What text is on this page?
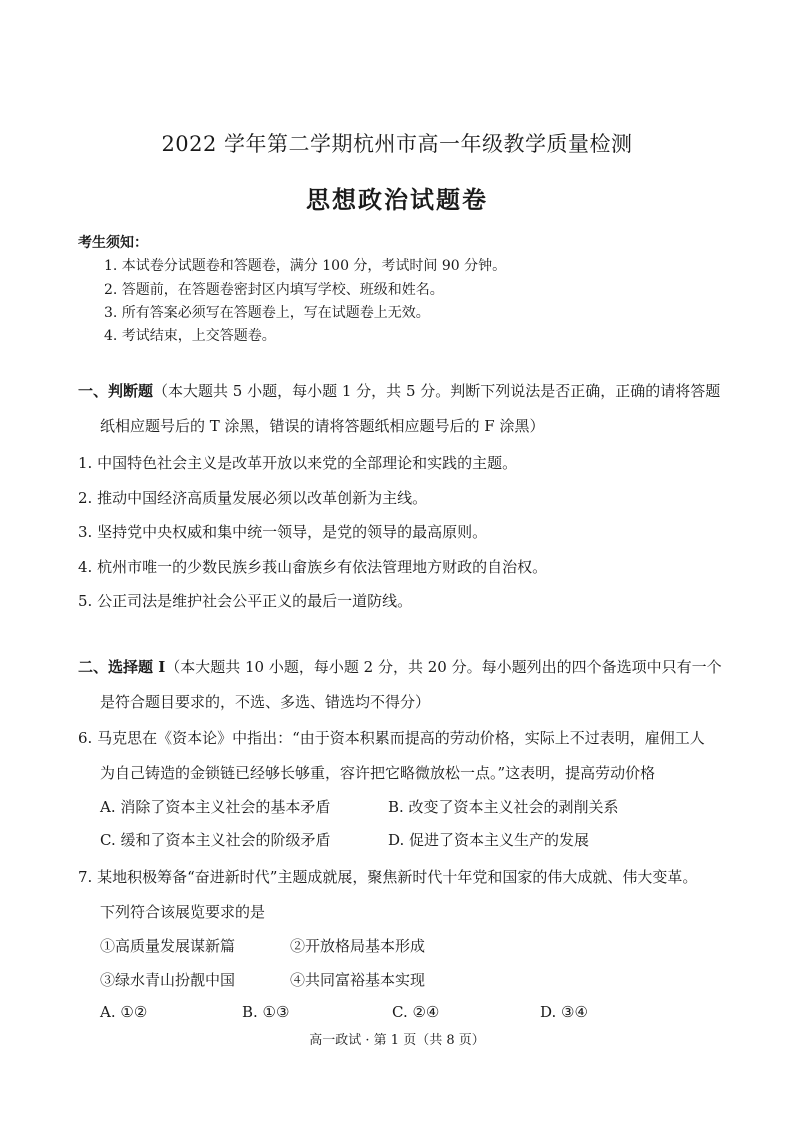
2022 学年第二学期杭州市高一年级教学质量检测
思想政治试题卷
考生须知：
1. 本试卷分试题卷和答题卷，满分 100 分，考试时间 90 分钟。
2. 答题前，在答题卷密封区内填写学校、班级和姓名。
3. 所有答案必须写在答题卷上，写在试题卷上无效。
4. 考试结束，上交答题卷。
一、判断题（本大题共 5 小题，每小题 1 分，共 5 分。判断下列说法是否正确，正确的请将答题
纸相应题号后的 T 涂黑，错误的请将答题纸相应题号后的 F 涂黑）
1. 中国特色社会主义是改革开放以来党的全部理论和实践的主题。
2. 推动中国经济高质量发展必须以改革创新为主线。
3. 坚持党中央权威和集中统一领导，是党的领导的最高原则。
4. 杭州市唯一的少数民族乡莪山畲族乡有依法管理地方财政的自治权。
5. 公正司法是维护社会公平正义的最后一道防线。
二、选择题 I（本大题共 10 小题，每小题 2 分，共 20 分。每小题列出的四个备选项中只有一个
是符合题目要求的，不选、多选、错选均不得分）
6. 马克思在《资本论》中指出：“由于资本积累而提高的劳动价格，实际上不过表明，雇佣工人
为自己铸造的金锁链已经够长够重，容许把它略微放松一点。”这表明，提高劳动价格
A. 消除了资本主义社会的基本矛盾	B. 改变了资本主义社会的剥削关系
C. 缓和了资本主义社会的阶级矛盾	D. 促进了资本主义生产的发展
7. 某地积极筹备“奋进新时代”主题成就展，聚焦新时代十年党和国家的伟大成就、伟大变革。
下列符合该展览要求的是
①高质量发展谋新篇	②开放格局基本形成
③绿水青山扮靓中国	④共同富裕基本实现
A. ①②	B. ①③	C. ②④	D. ③④
高一政试 · 第 1 页（共 8 页）
